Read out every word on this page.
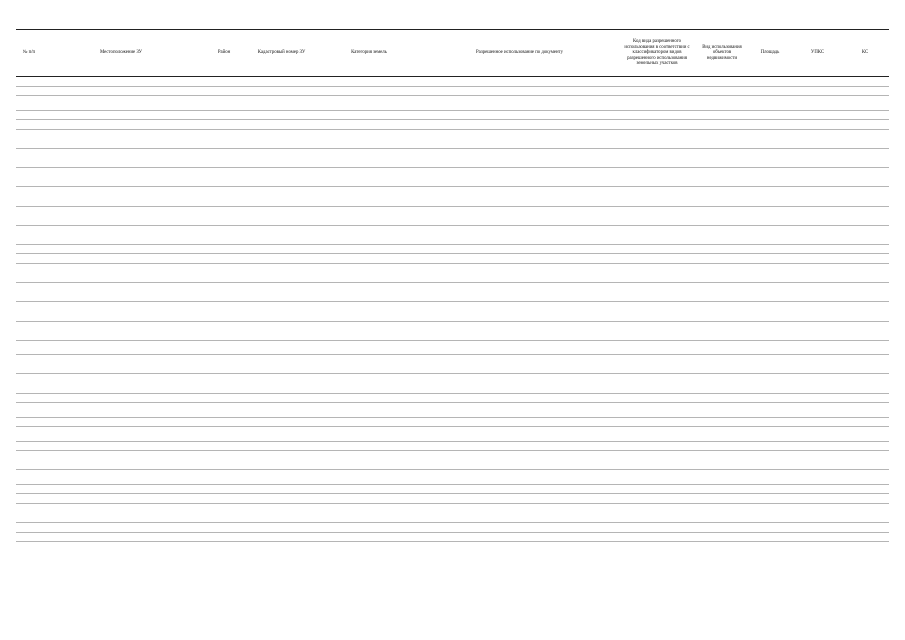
№ п/п	Местоположение ЗУ	Район	Кадастровый номер ЗУ	Категория земель	Разрешенное использование по документу	Код вида разрешенного использования в соответствии с классификатором видов разрешенного использования земельных участков	Вид использования объектов недвижимости	Площадь	УПКС	КС
